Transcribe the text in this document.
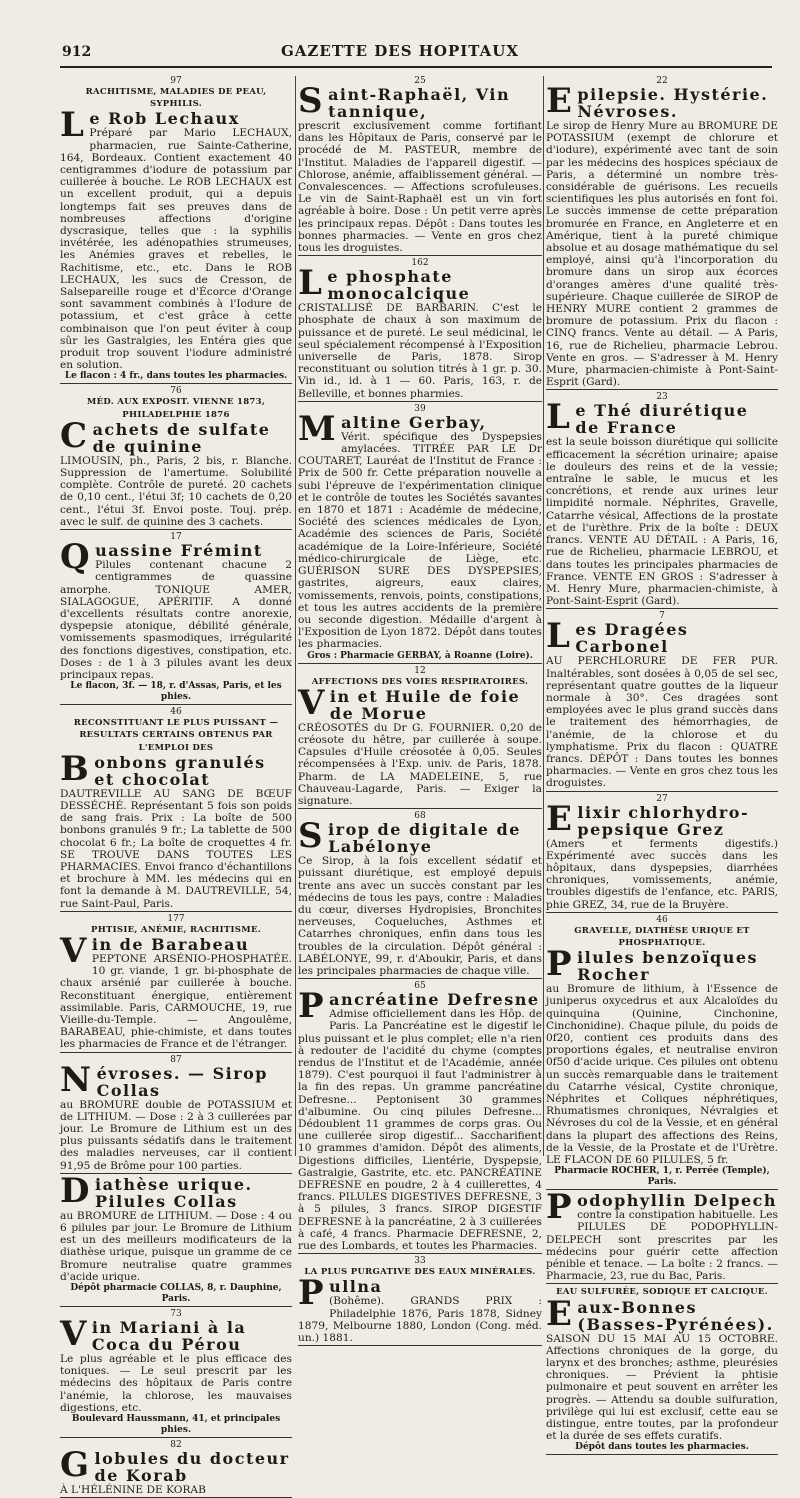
912	GAZETTE DES HOPITAUX
97
RACHITISME, MALADIES DE PEAU, SYPHILIS.
Le Rob Lechaux

Préparé par Mario LECHAUX, pharmacien, rue Sainte-Catherine, 164, Bordeaux. Contient exactement 40 centigrammes d'iodure de potassium par cuillerée à bouche. Le ROB LECHAUX est un excellent produit, qui a depuis longtemps fait ses preuves dans de nombreuses affections d'origine dyscrasique, telles que : la syphilis invétérée, les adénopathies strumeuses, les Anémies graves et rebelles, le Rachitisme, etc., etc. Dans le ROB LECHAUX, les sucs de Cresson, de Salsepareille rouge et d'Écorce d'Orange sont savamment combinés à l'Iodure de potassium, et c'est grâce à cette combinaison que l'on peut éviter à coup sûr les Gastralgies, les Entéra gies que produit trop souvent l'iodure administré en solution.

Le flacon : 4 fr., dans toutes les pharmacies.
76
MÉD. AUX EXPOSIT. VIENNE 1873, PHILADELPHIE 1876
Cachets de sulfate de quinine

LIMOUSIN, ph., Paris, 2 bis, r. Blanche. Suppression de l'amertume. Solubilité complète. Contrôle de pureté. 20 cachets de 0,10 cent., l'étui 3f; 10 cachets de 0,20 cent., l'étui 3f. Envoi poste. Touj. prép. avec le sulf. de quinine des 3 cachets.

17
Quassine Frémint

Pilules contenant chacune 2 centigrammes de quassine amorphe. TONIQUE AMER, SIALAGOGUE, APÉRITIF. A donné d'excellents résultats contre anorexie, dyspepsie atonique, débilité générale, vomissements spasmodiques, irrégularité des fonctions digestives, constipation, etc. Doses : de 1 à 3 pilules avant les deux principaux repas.

Le flacon, 3f. — 18, r. d'Assas, Paris, et les phies.
46
RECONSTITUANT LE PLUS PUISSANT — RESULTATS CERTAINS OBTENUS PAR L'EMPLOI DES
Bonbons granulés et chocolat

DAUTREVILLE AU SANG DE BŒUF DESSÉCHÉ. Représentant 5 fois son poids de sang frais. Prix : La boîte de 500 bonbons granulés 9 fr.; La tablette de 500 chocolat 6 fr.; La boîte de croquettes 4 fr. SE TROUVE DANS TOUTES LES PHARMACIES. Envoi franco d'échantillons et brochure à MM. les médecins qui en font la demande à M. DAUTREVILLE, 54, rue Saint-Paul, Paris.

177
PHTISIE, ANÉMIE, RACHITISME.
Vin de Barabeau

PEPTONE ARSÉNIO-PHOSPHATÉE. 10 gr. viande, 1 gr. bi-phosphate de chaux arsénié par cuillerée à bouche. Reconstituant énergique, entièrement assimilable. Paris, CARMOUCHE, 19, rue Vieille-du-Temple. — Angoulême, BARABEAU, phie-chimiste, et dans toutes les pharmacies de France et de l'étranger.

87
Névroses. — Sirop Collas

au BROMURE double de POTASSIUM et de LITHIUM. — Dose : 2 à 3 cuillerées par jour. Le Bromure de Lithium est un des plus puissants sédatifs dans le traitement des maladies nerveuses, car il contient 91,95 de Brôme pour 100 parties.

Diathèse urique. Pilules Collas

au BROMURE de LITHIUM. — Dose : 4 ou 6 pilules par jour. Le Bromure de Lithium est un des meilleurs modificateurs de la diathèse urique, puisque un gramme de ce Bromure neutralise quatre grammes d'acide urique.

Dépôt pharmacie COLLAS, 8, r. Dauphine, Paris.
73
Vin Mariani à la Coca du Pérou

Le plus agréable et le plus efficace des toniques. — Le seul prescrit par les médecins des hôpitaux de Paris contre l'anémie, la chlorose, les mauvaises digestions, etc.

Boulevard Haussmann, 41, et principales phies.
82
Globules du docteur de Korab

À L'HÉLÉNINE DE KORAB

25
Saint-Raphaël, Vin tannique,

prescrit exclusivement comme fortifiant dans les Hôpitaux de Paris, conservé par le procédé de M. PASTEUR, membre de l'Institut. Maladies de l'appareil digestif. — Chlorose, anémie, affaiblissement général. — Convalescences. — Affections scrofuleuses. Le vin de Saint-Raphaël est un vin fort agréable à boire. Dose : Un petit verre après les principaux repas. Dépôt : Dans toutes les bonnes pharmacies. — Vente en gros chez tous les droguistes.

162
Le phosphate monocalcique

CRISTALLISÉ DE BARBARIN. C'est le phosphate de chaux à son maximum de puissance et de pureté. Le seul médicinal, le seul spécialement récompensé à l'Exposition universelle de Paris, 1878. Sirop reconstituant ou solution titrés à 1 gr. p. 30. Vin id., id. à 1 — 60. Paris, 163, r. de Belleville, et bonnes pharmies.

39
Maltine Gerbay,

Vérit. spécifique des Dyspepsies amylacées. TITRÉE PAR LE Dr COUTARET, Lauréat de l'Institut de France : Prix de 500 fr. Cette préparation nouvelle a subi l'épreuve de l'expérimentation clinique et le contrôle de toutes les Sociétés savantes en 1870 et 1871 : Académie de médecine, Société des sciences médicales de Lyon, Académie des sciences de Paris, Société académique de la Loire-Inférieure, Société médico-chirurgicale de Liège, etc. GUÉRISON SURE DES DYSPEPSIES, gastrites, aigreurs, eaux claires, vomissements, renvois, points, constipations, et tous les autres accidents de la première ou seconde digestion. Médaille d'argent à l'Exposition de Lyon 1872. Dépôt dans toutes les pharmacies.

Gros : Pharmacie GERBAY, à Roanne (Loire).
12
AFFECTIONS DES VOIES RESPIRATOIRES.
Vin et Huile de foie de Morue

CRÉOSOTÉS du Dr G. FOURNIER. 0,20 de créosote du hêtre, par cuillerée à soupe. Capsules d'Huile créosotée à 0,05. Seules récompensées à l'Exp. univ. de Paris, 1878. Pharm. de LA MADELEINE, 5, rue Chauveau-Lagarde, Paris. — Exiger la signature.

68
Sirop de digitale de Labélonye

Ce Sirop, à la fois excellent sédatif et puissant diurétique, est employé depuis trente ans avec un succès constant par les médecins de tous les pays, contre : Maladies du cœur, diverses Hydropisies, Bronchites nerveuses, Coqueluches, Asthmes et Catarrhes chroniques, enfin dans tous les troubles de la circulation. Dépôt général : LABÉLONYE, 99, r. d'Aboukir, Paris, et dans les principales pharmacies de chaque ville.

65
Pancréatine Defresne

Admise officiellement dans les Hôp. de Paris. La Pancréatine est le digestif le plus puissant et le plus complet; elle n'a rien à redouter de l'acidité du chyme (comptes rendus de l'Institut et de l'Académie, année 1879). C'est pourquoi il faut l'administrer à la fin des repas. Un gramme pancréatine Defresne... Peptonisent 30 grammes d'albumine. Ou cinq pilules Defresne... Dédoublent 11 grammes de corps gras. Ou une cuillerée sirop digestif... Saccharifient 10 grammes d'amidon. Dépôt des aliments, Digestions difficiles, Lientérie, Dyspepsie, Gastralgie, Gastrite, etc. etc. PANCRÉATINE DEFRESNE en poudre, 2 à 4 cuillerettes, 4 francs. PILULES DIGESTIVES DEFRESNE, 3 à 5 pilules, 3 francs. SIROP DIGESTIF DEFRESNE à la pancréatine, 2 à 3 cuillerées à café, 4 francs. Pharmacie DEFRESNE, 2, rue des Lombards, et toutes les Pharmacies.

33
LA PLUS PURGATIVE DES EAUX MINÉRALES.
Pullna

(Bohême). GRANDS PRIX : Philadelphie 1876, Paris 1878, Sidney 1879, Melbourne 1880, London (Cong. méd. un.) 1881.

22
Epilepsie. Hystérie. Névroses.

Le sirop de Henry Mure au BROMURE DE POTASSIUM (exempt de chlorure et d'iodure), expérimenté avec tant de soin par les médecins des hospices spéciaux de Paris, a déterminé un nombre très-considérable de guérisons. Les recueils scientifiques les plus autorisés en font foi. Le succès immense de cette préparation bromurée en France, en Angleterre et en Amérique, tient à la pureté chimique absolue et au dosage mathématique du sel employé, ainsi qu'à l'incorporation du bromure dans un sirop aux écorces d'oranges amères d'une qualité très-supérieure. Chaque cuillerée de SIROP de HENRY MURE contient 2 grammes de bromure de potassium. Prix du flacon : CINQ francs. Vente au détail. — A Paris, 16, rue de Richelieu, pharmacie Lebrou. Vente en gros. — S'adresser à M. Henry Mure, pharmacien-chimiste à Pont-Saint-Esprit (Gard).

23
Le Thé diurétique de France

est la seule boisson diurétique qui sollicite efficacement la sécrétion urinaire; apaise le douleurs des reins et de la vessie; entraîne le sable, le mucus et les concrétions, et rende aux urines leur limpidité normale. Néphrites, Gravelle, Catarrhe vésical, Affections de la prostate et de l'urèthre. Prix de la boîte : DEUX francs. VENTE AU DÉTAIL : A Paris, 16, rue de Richelieu, pharmacie LEBROU, et dans toutes les principales pharmacies de France. VENTE EN GROS : S'adresser à M. Henry Mure, pharmacien-chimiste, à Pont-Saint-Esprit (Gard).

7
Les Dragées Carbonel

AU PERCHLORURE DE FER PUR. Inaltérables, sont dosées à 0,05 de sel sec, représentant quatre gouttes de la liqueur normale à 30°. Ces dragées sont employées avec le plus grand succès dans le traitement des hémorrhagies, de l'anémie, de la chlorose et du lymphatisme. Prix du flacon : QUATRE francs. DÉPÔT : Dans toutes les bonnes pharmacies. — Vente en gros chez tous les droguistes.

27
Elixir chlorhydro-pepsique Grez

(Amers et ferments digestifs.) Expérimenté avec succès dans les hôpitaux, dans dyspepsies, diarrhées chroniques, vomissements, anémie, troubles digestifs de l'enfance, etc. PARIS, phie GREZ, 34, rue de la Bruyère.

46
GRAVELLE, DIATHÈSE URIQUE ET PHOSPHATIQUE.
Pilules benzoïques Rocher

au Bromure de lithium, à l'Essence de juniperus oxycedrus et aux Alcaloïdes du quinquina (Quinine, Cinchonine, Cinchonidine). Chaque pilule, du poids de 0f20, contient ces produits dans des proportions égales, et neutralise environ 0f50 d'acide urique. Ces pilules ont obtenu un succès remarquable dans le traitement du Catarrhe vésical, Cystite chronique, Néphrites et Coliques néphrétiques, Rhumatismes chroniques, Névralgies et Névroses du col de la Vessie, et en général dans la plupart des affections des Reins, de la Vessie, de la Prostate et de l'Urètre. LE FLACON DE 60 PILULES, 5 fr.

Pharmacie ROCHER, 1, r. Perrée (Temple), Paris.
Podophyllin Delpech

contre la constipation habituelle. Les PILULES DE PODOPHYLLIN-DELPECH sont prescrites par les médecins pour guérir cette affection pénible et tenace. — La boîte : 2 francs. — Pharmacie, 23, rue du Bac, Paris.

EAU SULFURÉE, SODIQUE ET CALCIQUE.
Eaux-Bonnes (Basses-Pyrénées).

SAISON DU 15 MAI AU 15 OCTOBRE. Affections chroniques de la gorge, du larynx et des bronches; asthme, pleurésies chroniques. — Prévient la phtisie pulmonaire et peut souvent en arrêter les progrès. — Attendu sa double sulfuration, privilège qui lui est exclusif, cette eau se distingue, entre toutes, par la profondeur et la durée de ses effets curatifs.

Dépôt dans toutes les pharmacies.
